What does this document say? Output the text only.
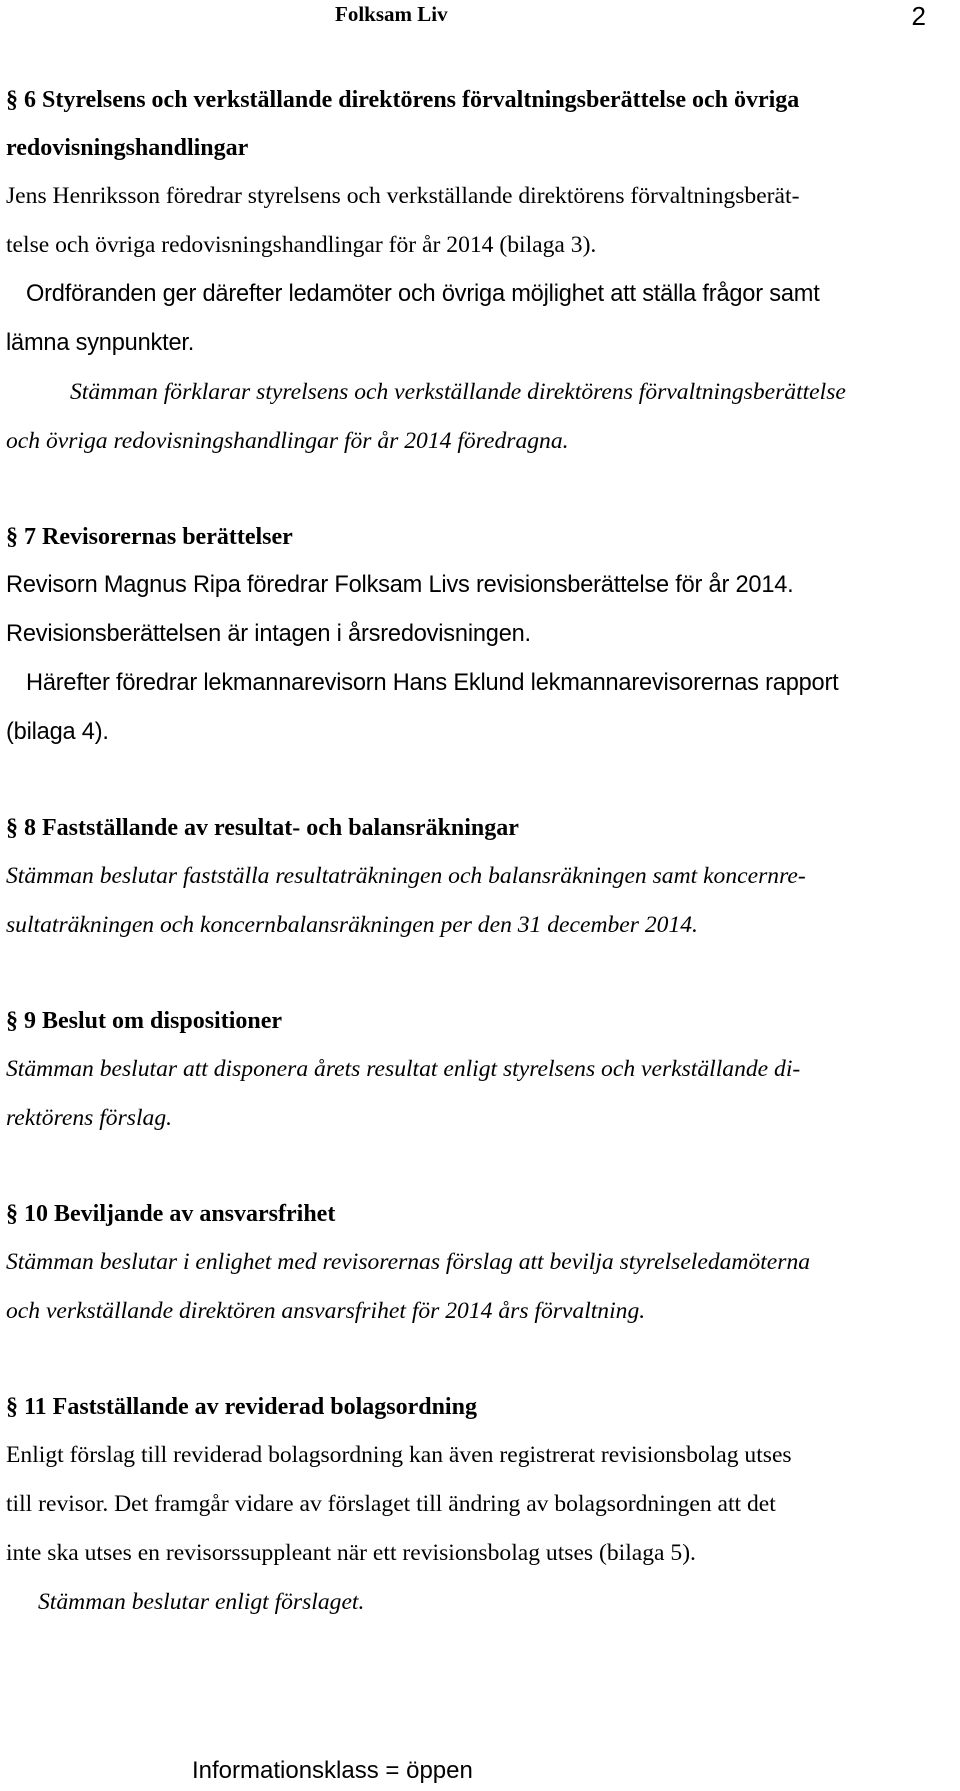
Folksam Liv	2

§ 6 Styrelsens och verkställande direktörens förvaltningsberättelse och övriga

redovisningshandlingar

Jens Henriksson föredrar styrelsens och verkställande direktörens förvaltningsberät-

telse och övriga redovisningshandlingar för år 2014 (bilaga 3).

Ordföranden ger därefter ledamöter och övriga möjlighet att ställa frågor samt

lämna synpunkter.

Stämman förklarar styrelsens och verkställande direktörens förvaltningsberättelse

och övriga redovisningshandlingar för år 2014 föredragna.

§ 7 Revisorernas berättelser

Revisorn Magnus Ripa föredrar Folksam Livs revisionsberättelse för år 2014.

Revisionsberättelsen är intagen i årsredovisningen.

Härefter föredrar lekmannarevisorn Hans Eklund lekmannarevisorernas rapport

(bilaga 4).

§ 8 Fastställande av resultat- och balansräkningar

Stämman beslutar fastställa resultaträkningen och balansräkningen samt koncernre-

sultaträkningen och koncernbalansräkningen per den 31 december 2014.

§ 9 Beslut om dispositioner

Stämman beslutar att disponera årets resultat enligt styrelsens och verkställande di-

rektörens förslag.

§ 10 Beviljande av ansvarsfrihet

Stämman beslutar i enlighet med revisorernas förslag att bevilja styrelseledamöterna

och verkställande direktören ansvarsfrihet för 2014 års förvaltning.

§ 11 Fastställande av reviderad bolagsordning

Enligt förslag till reviderad bolagsordning kan även registrerat revisionsbolag utses

till revisor. Det framgår vidare av förslaget till ändring av bolagsordningen att det

inte ska utses en revisorssuppleant när ett revisionsbolag utses (bilaga 5).

Stämman beslutar enligt förslaget.

Informationsklass = öppen
